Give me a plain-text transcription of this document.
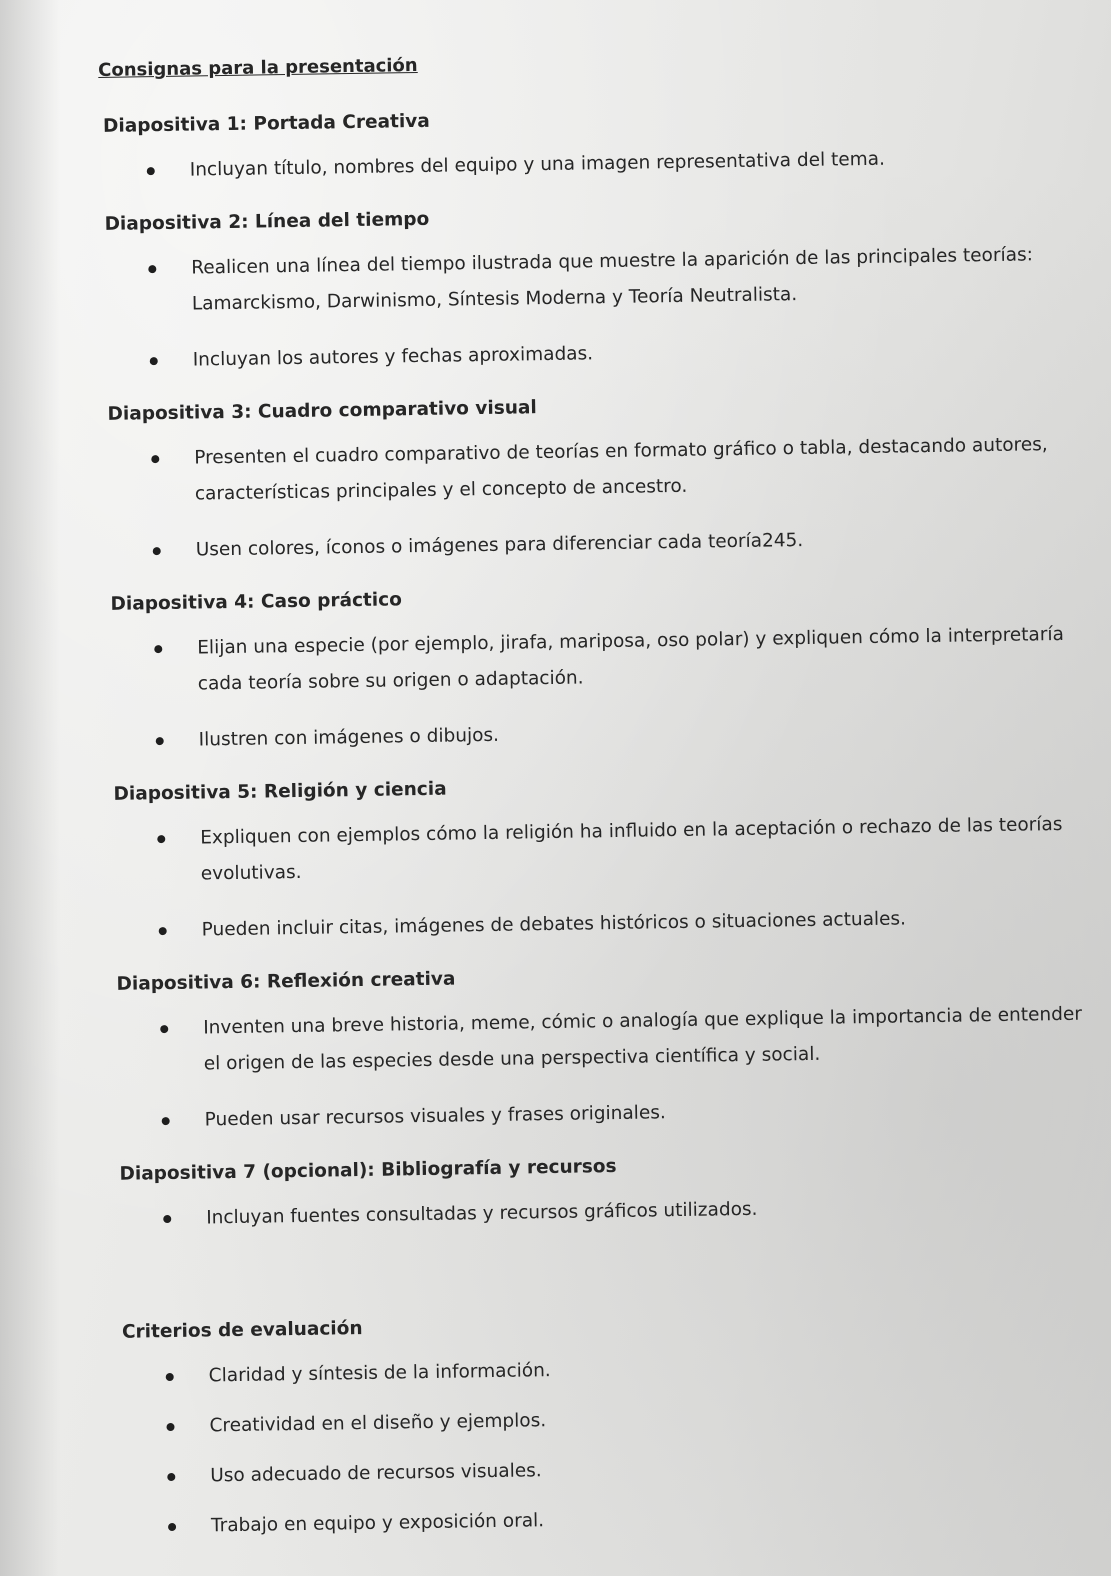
Consignas para la presentación
Diapositiva 1: Portada Creativa
Incluyan título, nombres del equipo y una imagen representativa del tema.
Diapositiva 2: Línea del tiempo
Realicen una línea del tiempo ilustrada que muestre la aparición de las principales teorías: Lamarckismo, Darwinismo, Síntesis Moderna y Teoría Neutralista.
Incluyan los autores y fechas aproximadas.
Diapositiva 3: Cuadro comparativo visual
Presenten el cuadro comparativo de teorías en formato gráfico o tabla, destacando autores, características principales y el concepto de ancestro.
Usen colores, íconos o imágenes para diferenciar cada teoría245.
Diapositiva 4: Caso práctico
Elijan una especie (por ejemplo, jirafa, mariposa, oso polar) y expliquen cómo la interpretaría cada teoría sobre su origen o adaptación.
Ilustren con imágenes o dibujos.
Diapositiva 5: Religión y ciencia
Expliquen con ejemplos cómo la religión ha influido en la aceptación o rechazo de las teorías evolutivas.
Pueden incluir citas, imágenes de debates históricos o situaciones actuales.
Diapositiva 6: Reflexión creativa
Inventen una breve historia, meme, cómic o analogía que explique la importancia de entender el origen de las especies desde una perspectiva científica y social.
Pueden usar recursos visuales y frases originales.
Diapositiva 7 (opcional): Bibliografía y recursos
Incluyan fuentes consultadas y recursos gráficos utilizados.
Criterios de evaluación
Claridad y síntesis de la información.
Creatividad en el diseño y ejemplos.
Uso adecuado de recursos visuales.
Trabajo en equipo y exposición oral.
